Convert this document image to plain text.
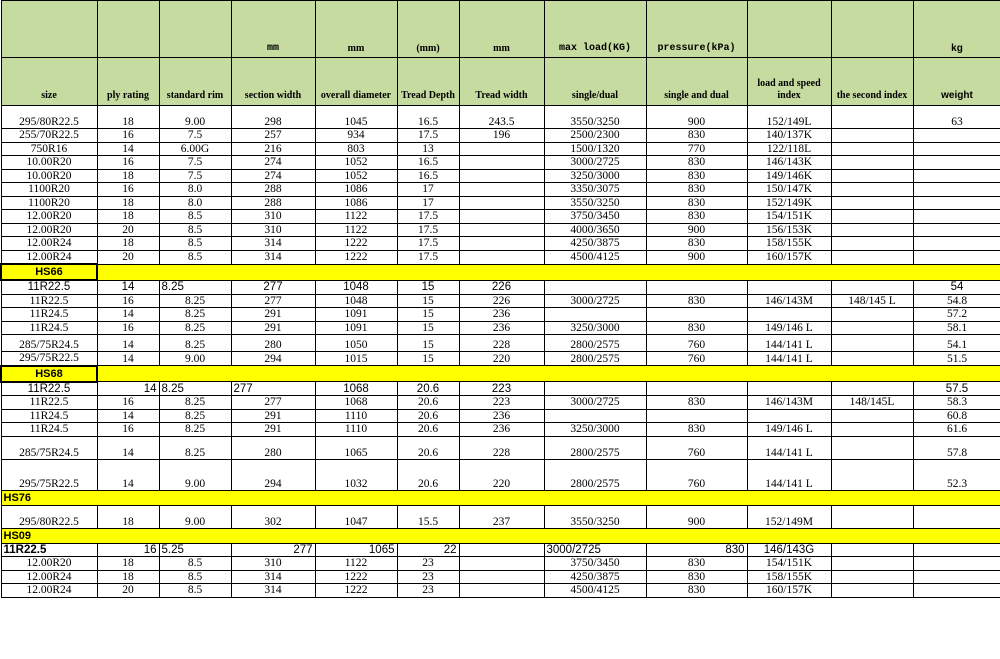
			mm	mm	(mm)	mm	max load(KG)	pressure(kPa)			kg
size	ply rating	standard rim	section width	overall diameter	Tread Depth	Tread width	single/dual	single and dual	load and speed index	the second index	weight
295/80R22.5	18	9.00	298	1045	16.5	243.5	3550/3250	900	152/149L		63
255/70R22.5	16	7.5	257	934	17.5	196	2500/2300	830	140/137K		
750R16	14	6.00G	216	803	13		1500/1320	770	122/118L		
10.00R20	16	7.5	274	1052	16.5		3000/2725	830	146/143K		
10.00R20	18	7.5	274	1052	16.5		3250/3000	830	149/146K		
1100R20	16	8.0	288	1086	17		3350/3075	830	150/147K		
1100R20	18	8.0	288	1086	17		3550/3250	830	152/149K		
12.00R20	18	8.5	310	1122	17.5		3750/3450	830	154/151K		
12.00R20	20	8.5	310	1122	17.5		4000/3650	900	156/153K		
12.00R24	18	8.5	314	1222	17.5		4250/3875	830	158/155K		
12.00R24	20	8.5	314	1222	17.5		4500/4125	900	160/157K		
HS66											
11R22.5	14	8.25	277	1048	15	226					54
11R22.5	16	8.25	277	1048	15	226	3000/2725	830	146/143M	148/145 L	54.8
11R24.5	14	8.25	291	1091	15	236					57.2
11R24.5	16	8.25	291	1091	15	236	3250/3000	830	149/146 L		58.1
285/75R24.5	14	8.25	280	1050	15	228	2800/2575	760	144/141 L		54.1
295/75R22.5	14	9.00	294	1015	15	220	2800/2575	760	144/141 L		51.5
HS68											
11R22.5	14	8.25	277	1068	20.6	223					57.5
11R22.5	16	8.25	277	1068	20.6	223	3000/2725	830	146/143M	148/145L	58.3
11R24.5	14	8.25	291	1110	20.6	236					60.8
11R24.5	16	8.25	291	1110	20.6	236	3250/3000	830	149/146 L		61.6
285/75R24.5	14	8.25	280	1065	20.6	228	2800/2575	760	144/141 L		57.8
295/75R22.5	14	9.00	294	1032	20.6	220	2800/2575	760	144/141 L		52.3
HS76											
295/80R22.5	18	9.00	302	1047	15.5	237	3550/3250	900	152/149M		
HS09											
11R22.5	16	5.25	277	1065	22		3000/2725	830	146/143G		
12.00R20	18	8.5	310	1122	23		3750/3450	830	154/151K		
12.00R24	18	8.5	314	1222	23		4250/3875	830	158/155K		
12.00R24	20	8.5	314	1222	23		4500/4125	830	160/157K		
